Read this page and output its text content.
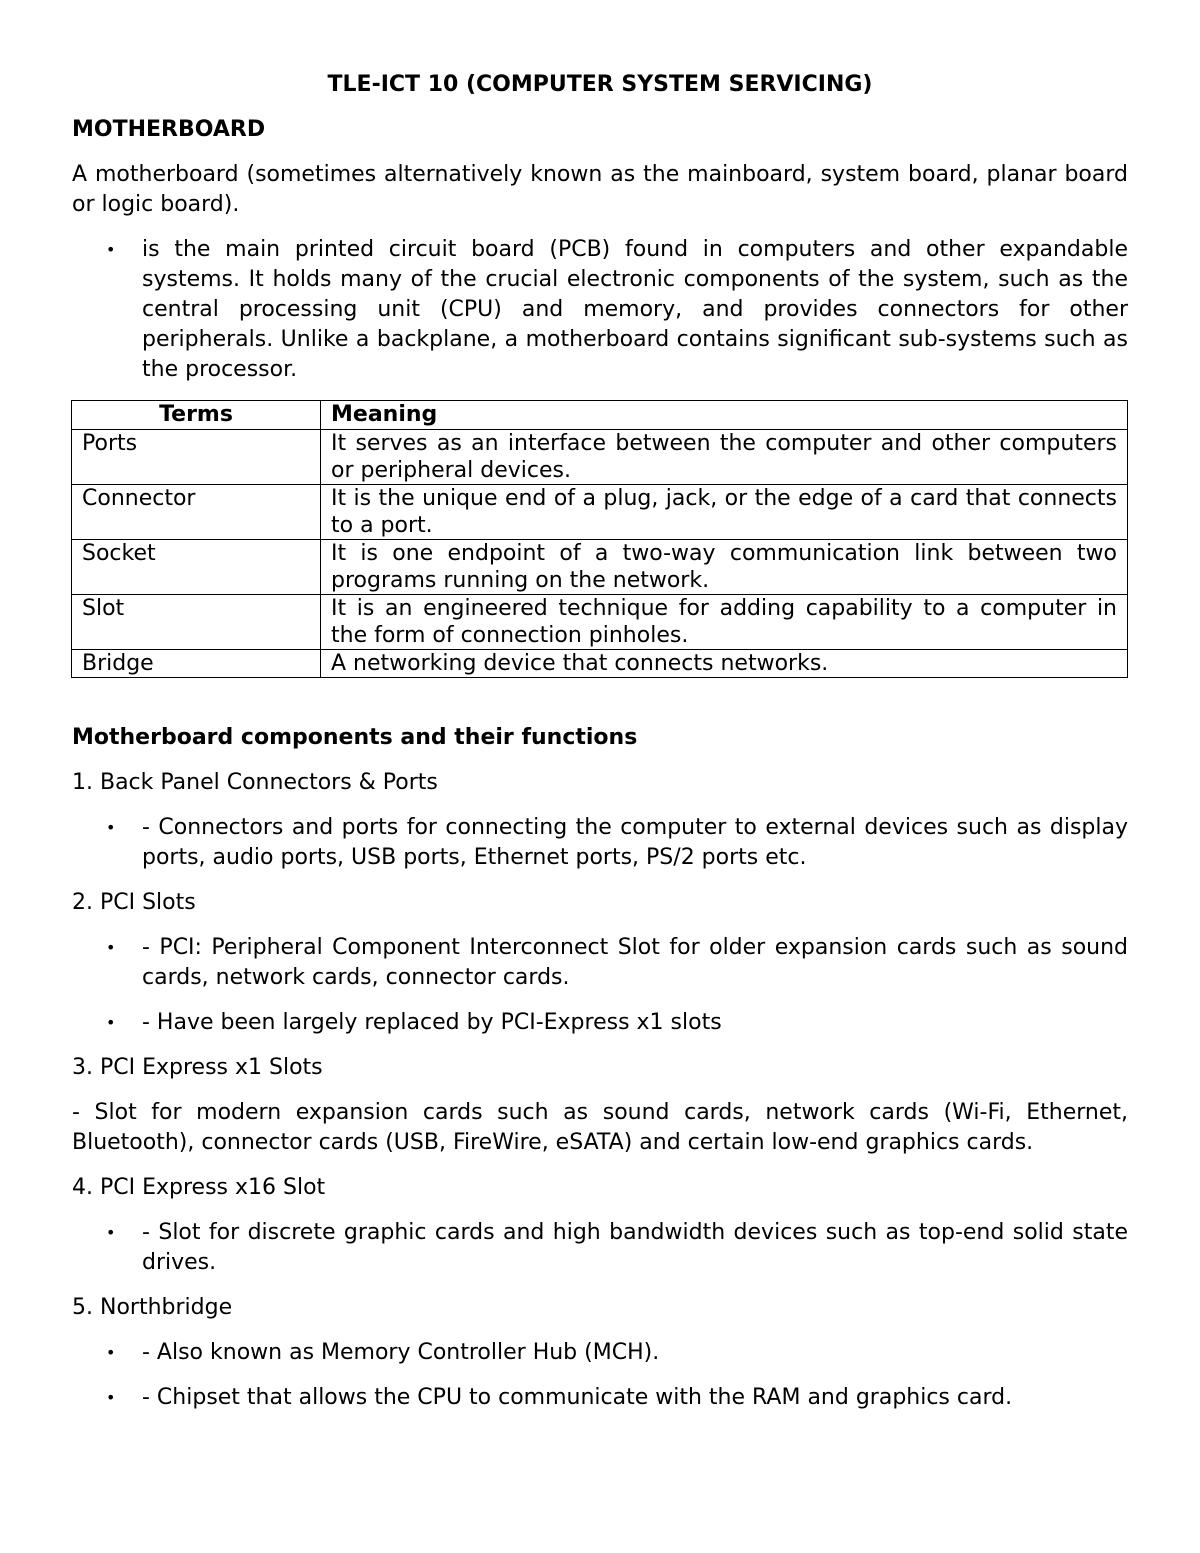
TLE-ICT 10 (COMPUTER SYSTEM SERVICING)
MOTHERBOARD

A motherboard (sometimes alternatively known as the mainboard, system board, planar board or logic board).

• is the main printed circuit board (PCB) found in computers and other expandable systems. It holds many of the crucial electronic components of the system, such as the central processing unit (CPU) and memory, and provides connectors for other peripherals. Unlike a backplane, a motherboard contains significant sub-systems such as the processor.
Terms	Meaning
Ports	It serves as an interface between the computer and other computers or peripheral devices.
Connector	It is the unique end of a plug, jack, or the edge of a card that connects to a port.
Socket	It is one endpoint of a two-way communication link between two programs running on the network.
Slot	It is an engineered technique for adding capability to a computer in the form of connection pinholes.
Bridge	A networking device that connects networks.
Motherboard components and their functions

1. Back Panel Connectors & Ports

• - Connectors and ports for connecting the computer to external devices such as display ports, audio ports, USB ports, Ethernet ports, PS/2 ports etc.

2. PCI Slots

• - PCI: Peripheral Component Interconnect Slot for older expansion cards such as sound cards, network cards, connector cards.
• - Have been largely replaced by PCI-Express x1 slots

3. PCI Express x1 Slots

- Slot for modern expansion cards such as sound cards, network cards (Wi-Fi, Ethernet, Bluetooth), connector cards (USB, FireWire, eSATA) and certain low-end graphics cards.

4. PCI Express x16 Slot

• - Slot for discrete graphic cards and high bandwidth devices such as top-end solid state drives.

5. Northbridge

• - Also known as Memory Controller Hub (MCH).
• - Chipset that allows the CPU to communicate with the RAM and graphics card.
